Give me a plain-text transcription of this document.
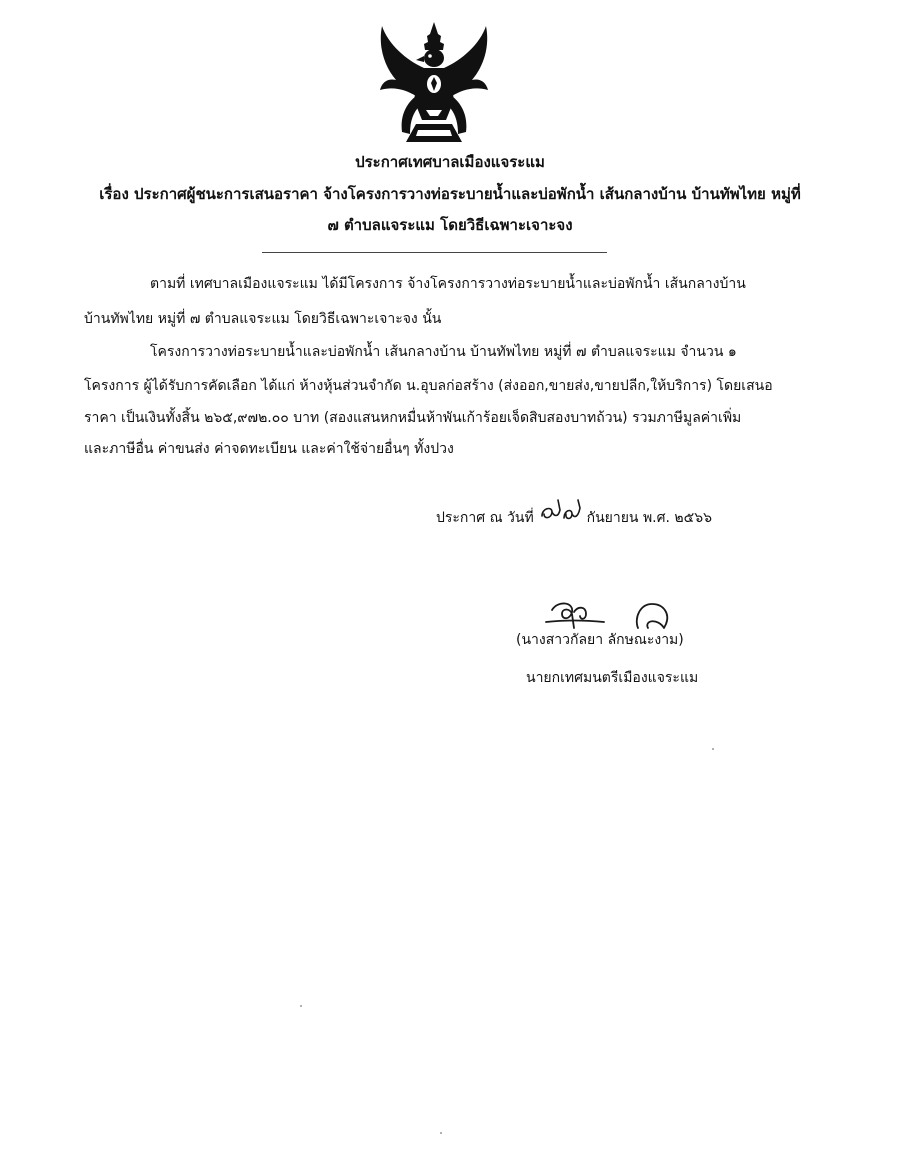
ประกาศเทศบาลเมืองแจระแม
เรื่อง ประกาศผู้ชนะการเสนอราคา จ้างโครงการวางท่อระบายน้ำและบ่อพักน้ำ เส้นกลางบ้าน บ้านทัพไทย หมู่ที่
๗ ตำบลแจระแม โดยวิธีเฉพาะเจาะจง
ตามที่ เทศบาลเมืองแจระแม ได้มีโครงการ จ้างโครงการวางท่อระบายน้ำและบ่อพักน้ำ เส้นกลางบ้าน
บ้านทัพไทย หมู่ที่ ๗ ตำบลแจระแม โดยวิธีเฉพาะเจาะจง นั้น
โครงการวางท่อระบายน้ำและบ่อพักน้ำ เส้นกลางบ้าน บ้านทัพไทย หมู่ที่ ๗ ตำบลแจระแม จำนวน ๑
โครงการ ผู้ได้รับการคัดเลือก ได้แก่ ห้างหุ้นส่วนจำกัด น.อุบลก่อสร้าง (ส่งออก,ขายส่ง,ขายปลีก,ให้บริการ) โดยเสนอ
ราคา เป็นเงินทั้งสิ้น ๒๖๕,๙๗๒.๐๐ บาท (สองแสนหกหมื่นห้าพันเก้าร้อยเจ็ดสิบสองบาทถ้วน) รวมภาษีมูลค่าเพิ่ม
และภาษีอื่น ค่าขนส่ง ค่าจดทะเบียน และค่าใช้จ่ายอื่นๆ ทั้งปวง
ประกาศ ณ วันที่	กันยายน พ.ศ. ๒๕๖๖
(นางสาวกัลยา ลักษณะงาม)
นายกเทศมนตรีเมืองแจระแม
